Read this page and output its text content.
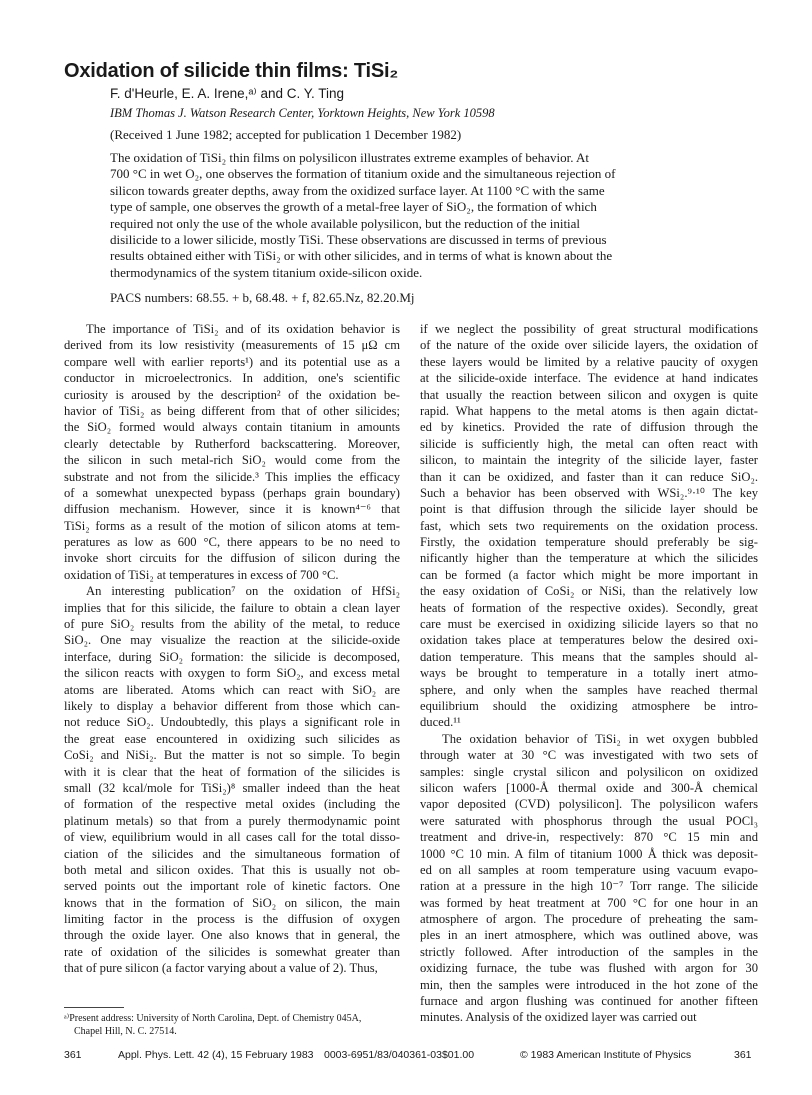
Oxidation of silicide thin films: TiSi₂
F. d'Heurle, E. A. Irene,ᵃ⁾ and C. Y. Ting
IBM Thomas J. Watson Research Center, Yorktown Heights, New York 10598
(Received 1 June 1982; accepted for publication 1 December 1982)
The oxidation of TiSi₂ thin films on polysilicon illustrates extreme examples of behavior. At
700 °C in wet O₂, one observes the formation of titanium oxide and the simultaneous rejection of
silicon towards greater depths, away from the oxidized surface layer. At 1100 °C with the same
type of sample, one observes the growth of a metal-free layer of SiO₂, the formation of which
required not only the use of the whole available polysilicon, but the reduction of the initial
disilicide to a lower silicide, mostly TiSi. These observations are discussed in terms of previous
results obtained either with TiSi₂ or with other silicides, and in terms of what is known about the
thermodynamics of the system titanium oxide-silicon oxide.
PACS numbers: 68.55. + b, 68.48. + f, 82.65.Nz, 82.20.Mj
The importance of TiSi₂ and of its oxidation behavior is
derived from its low resistivity (measurements of 15 μΩ cm
compare well with earlier reports¹) and its potential use as a
conductor in microelectronics. In addition, one's scientific
curiosity is aroused by the description² of the oxidation be-
havior of TiSi₂ as being different from that of other silicides;
the SiO₂ formed would always contain titanium in amounts
clearly detectable by Rutherford backscattering. Moreover,
the silicon in such metal-rich SiO₂ would come from the
substrate and not from the silicide.³ This implies the efficacy
of a somewhat unexpected bypass (perhaps grain boundary)
diffusion mechanism. However, since it is known⁴⁻⁶ that
TiSi₂ forms as a result of the motion of silicon atoms at tem-
peratures as low as 600 °C, there appears to be no need to
invoke short circuits for the diffusion of silicon during the
oxidation of TiSi₂ at temperatures in excess of 700 °C.
An interesting publication⁷ on the oxidation of HfSi₂
implies that for this silicide, the failure to obtain a clean layer
of pure SiO₂ results from the ability of the metal, to reduce
SiO₂. One may visualize the reaction at the silicide-oxide
interface, during SiO₂ formation: the silicide is decomposed,
the silicon reacts with oxygen to form SiO₂, and excess metal
atoms are liberated. Atoms which can react with SiO₂ are
likely to display a behavior different from those which can-
not reduce SiO₂. Undoubtedly, this plays a significant role in
the great ease encountered in oxidizing such silicides as
CoSi₂ and NiSi₂. But the matter is not so simple. To begin
with it is clear that the heat of formation of the silicides is
small (32 kcal/mole for TiSi₂)⁸ smaller indeed than the heat
of formation of the respective metal oxides (including the
platinum metals) so that from a purely thermodynamic point
of view, equilibrium would in all cases call for the total disso-
ciation of the silicides and the simultaneous formation of
both metal and silicon oxides. That this is usually not ob-
served points out the important role of kinetic factors. One
knows that in the formation of SiO₂ on silicon, the main
limiting factor in the process is the diffusion of oxygen
through the oxide layer. One also knows that in general, the
rate of oxidation of the silicides is somewhat greater than
that of pure silicon (a factor varying about a value of 2). Thus,
if we neglect the possibility of great structural modifications
of the nature of the oxide over silicide layers, the oxidation of
these layers would be limited by a relative paucity of oxygen
at the silicide-oxide interface. The evidence at hand indicates
that usually the reaction between silicon and oxygen is quite
rapid. What happens to the metal atoms is then again dictat-
ed by kinetics. Provided the rate of diffusion through the
silicide is sufficiently high, the metal can often react with
silicon, to maintain the integrity of the silicide layer, faster
than it can be oxidized, and faster than it can reduce SiO₂.
Such a behavior has been observed with WSi₂.⁹·¹⁰ The key
point is that diffusion through the silicide layer should be
fast, which sets two requirements on the oxidation process.
Firstly, the oxidation temperature should preferably be sig-
nificantly higher than the temperature at which the silicides
can be formed (a factor which might be more important in
the easy oxidation of CoSi₂ or NiSi, than the relatively low
heats of formation of the respective oxides). Secondly, great
care must be exercised in oxidizing silicide layers so that no
oxidation takes place at temperatures below the desired oxi-
dation temperature. This means that the samples should al-
ways be brought to temperature in a totally inert atmo-
sphere, and only when the samples have reached thermal
equilibrium should the oxidizing atmosphere be intro-
duced.¹¹
The oxidation behavior of TiSi₂ in wet oxygen bubbled
through water at 30 °C was investigated with two sets of
samples: single crystal silicon and polysilicon on oxidized
silicon wafers [1000-Å thermal oxide and 300-Å chemical
vapor deposited (CVD) polysilicon]. The polysilicon wafers
were saturated with phosphorus through the usual POCl₃
treatment and drive-in, respectively: 870 °C 15 min and
1000 °C 10 min. A film of titanium 1000 Å thick was deposit-
ed on all samples at room temperature using vacuum evapo-
ration at a pressure in the high 10⁻⁷ Torr range. The silicide
was formed by heat treatment at 700 °C for one hour in an
atmosphere of argon. The procedure of preheating the sam-
ples in an inert atmosphere, which was outlined above, was
strictly followed. After introduction of the samples in the
oxidizing furnace, the tube was flushed with argon for 30
min, then the samples were introduced in the hot zone of the
furnace and argon flushing was continued for another fifteen
minutes. Analysis of the oxidized layer was carried out
ᵃ⁾Present address: University of North Carolina, Dept. of Chemistry 045A,
Chapel Hill, N. C. 27514.
361	Appl. Phys. Lett. 42 (4), 15 February 1983 0003-6951/83/040361-03$01.00	© 1983 American Institute of Physics	361
